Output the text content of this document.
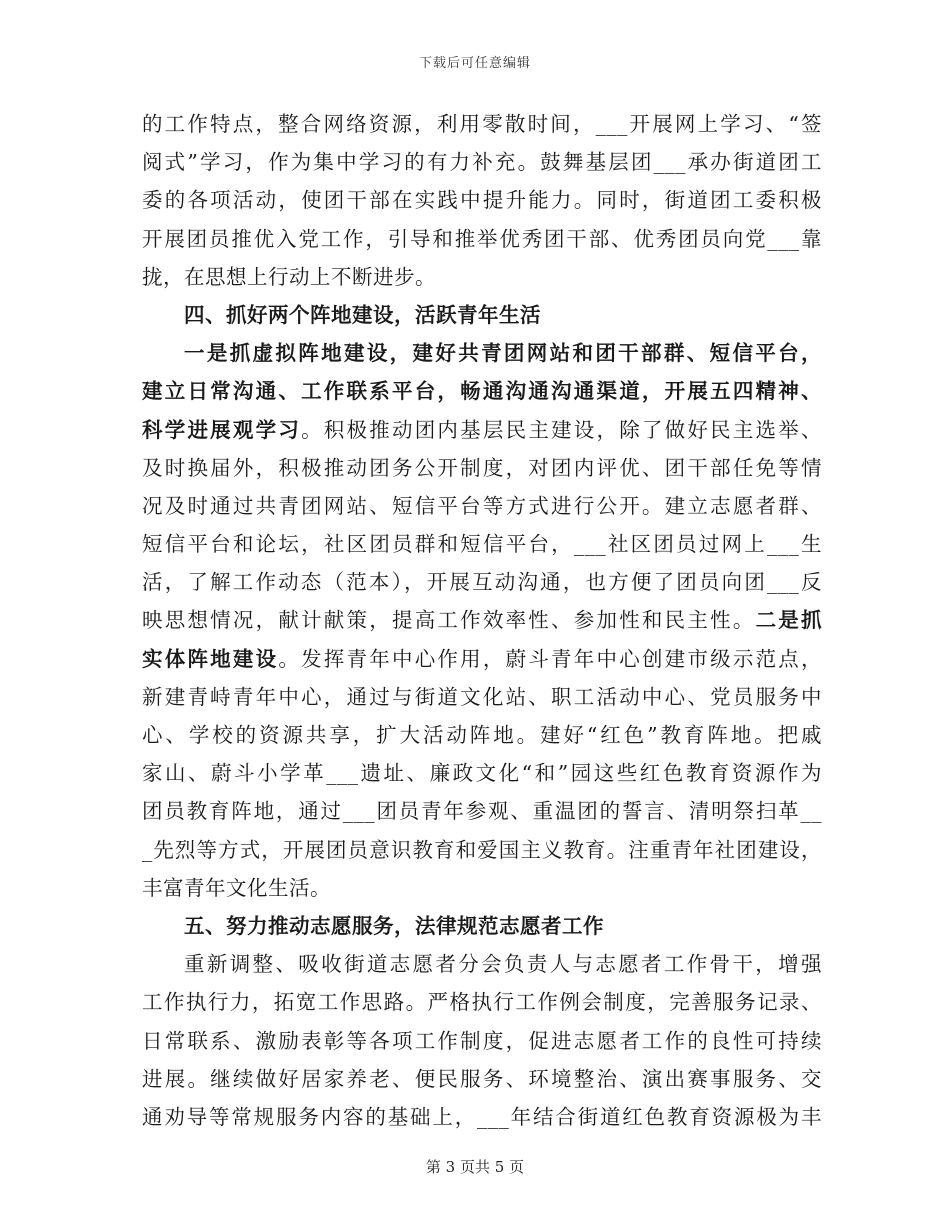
下载后可任意编辑
的工作特点，整合网络资源，利用零散时间，___开展网上学习、“签
阅式”学习，作为集中学习的有力补充。鼓舞基层团___承办街道团工
委的各项活动，使团干部在实践中提升能力。同时，街道团工委积极
开展团员推优入党工作，引导和推举优秀团干部、优秀团员向党___靠
拢，在思想上行动上不断进步。
四、抓好两个阵地建设，活跃青年生活
一是抓虚拟阵地建设，建好共青团网站和团干部群、短信平台，
建立日常沟通、工作联系平台，畅通沟通沟通渠道，开展五四精神、
科学进展观学习。积极推动团内基层民主建设，除了做好民主选举、
及时换届外，积极推动团务公开制度，对团内评优、团干部任免等情
况及时通过共青团网站、短信平台等方式进行公开。建立志愿者群、
短信平台和论坛，社区团员群和短信平台，___社区团员过网上___生
活，了解工作动态（范本），开展互动沟通，也方便了团员向团___反
映思想情况，献计献策，提高工作效率性、参加性和民主性。二是抓
实体阵地建设。发挥青年中心作用，蔚斗青年中心创建市级示范点，
新建青峙青年中心，通过与街道文化站、职工活动中心、党员服务中
心、学校的资源共享，扩大活动阵地。建好“红色”教育阵地。把戚
家山、蔚斗小学革___遗址、廉政文化“和”园这些红色教育资源作为
团员教育阵地，通过___团员青年参观、重温团的誓言、清明祭扫革__
_先烈等方式，开展团员意识教育和爱国主义教育。注重青年社团建设，
丰富青年文化生活。
五、努力推动志愿服务，法律规范志愿者工作
重新调整、吸收街道志愿者分会负责人与志愿者工作骨干，增强
工作执行力，拓宽工作思路。严格执行工作例会制度，完善服务记录、
日常联系、激励表彰等各项工作制度，促进志愿者工作的良性可持续
进展。继续做好居家养老、便民服务、环境整治、演出赛事服务、交
通劝导等常规服务内容的基础上，___年结合街道红色教育资源极为丰
第 3 页共 5 页
